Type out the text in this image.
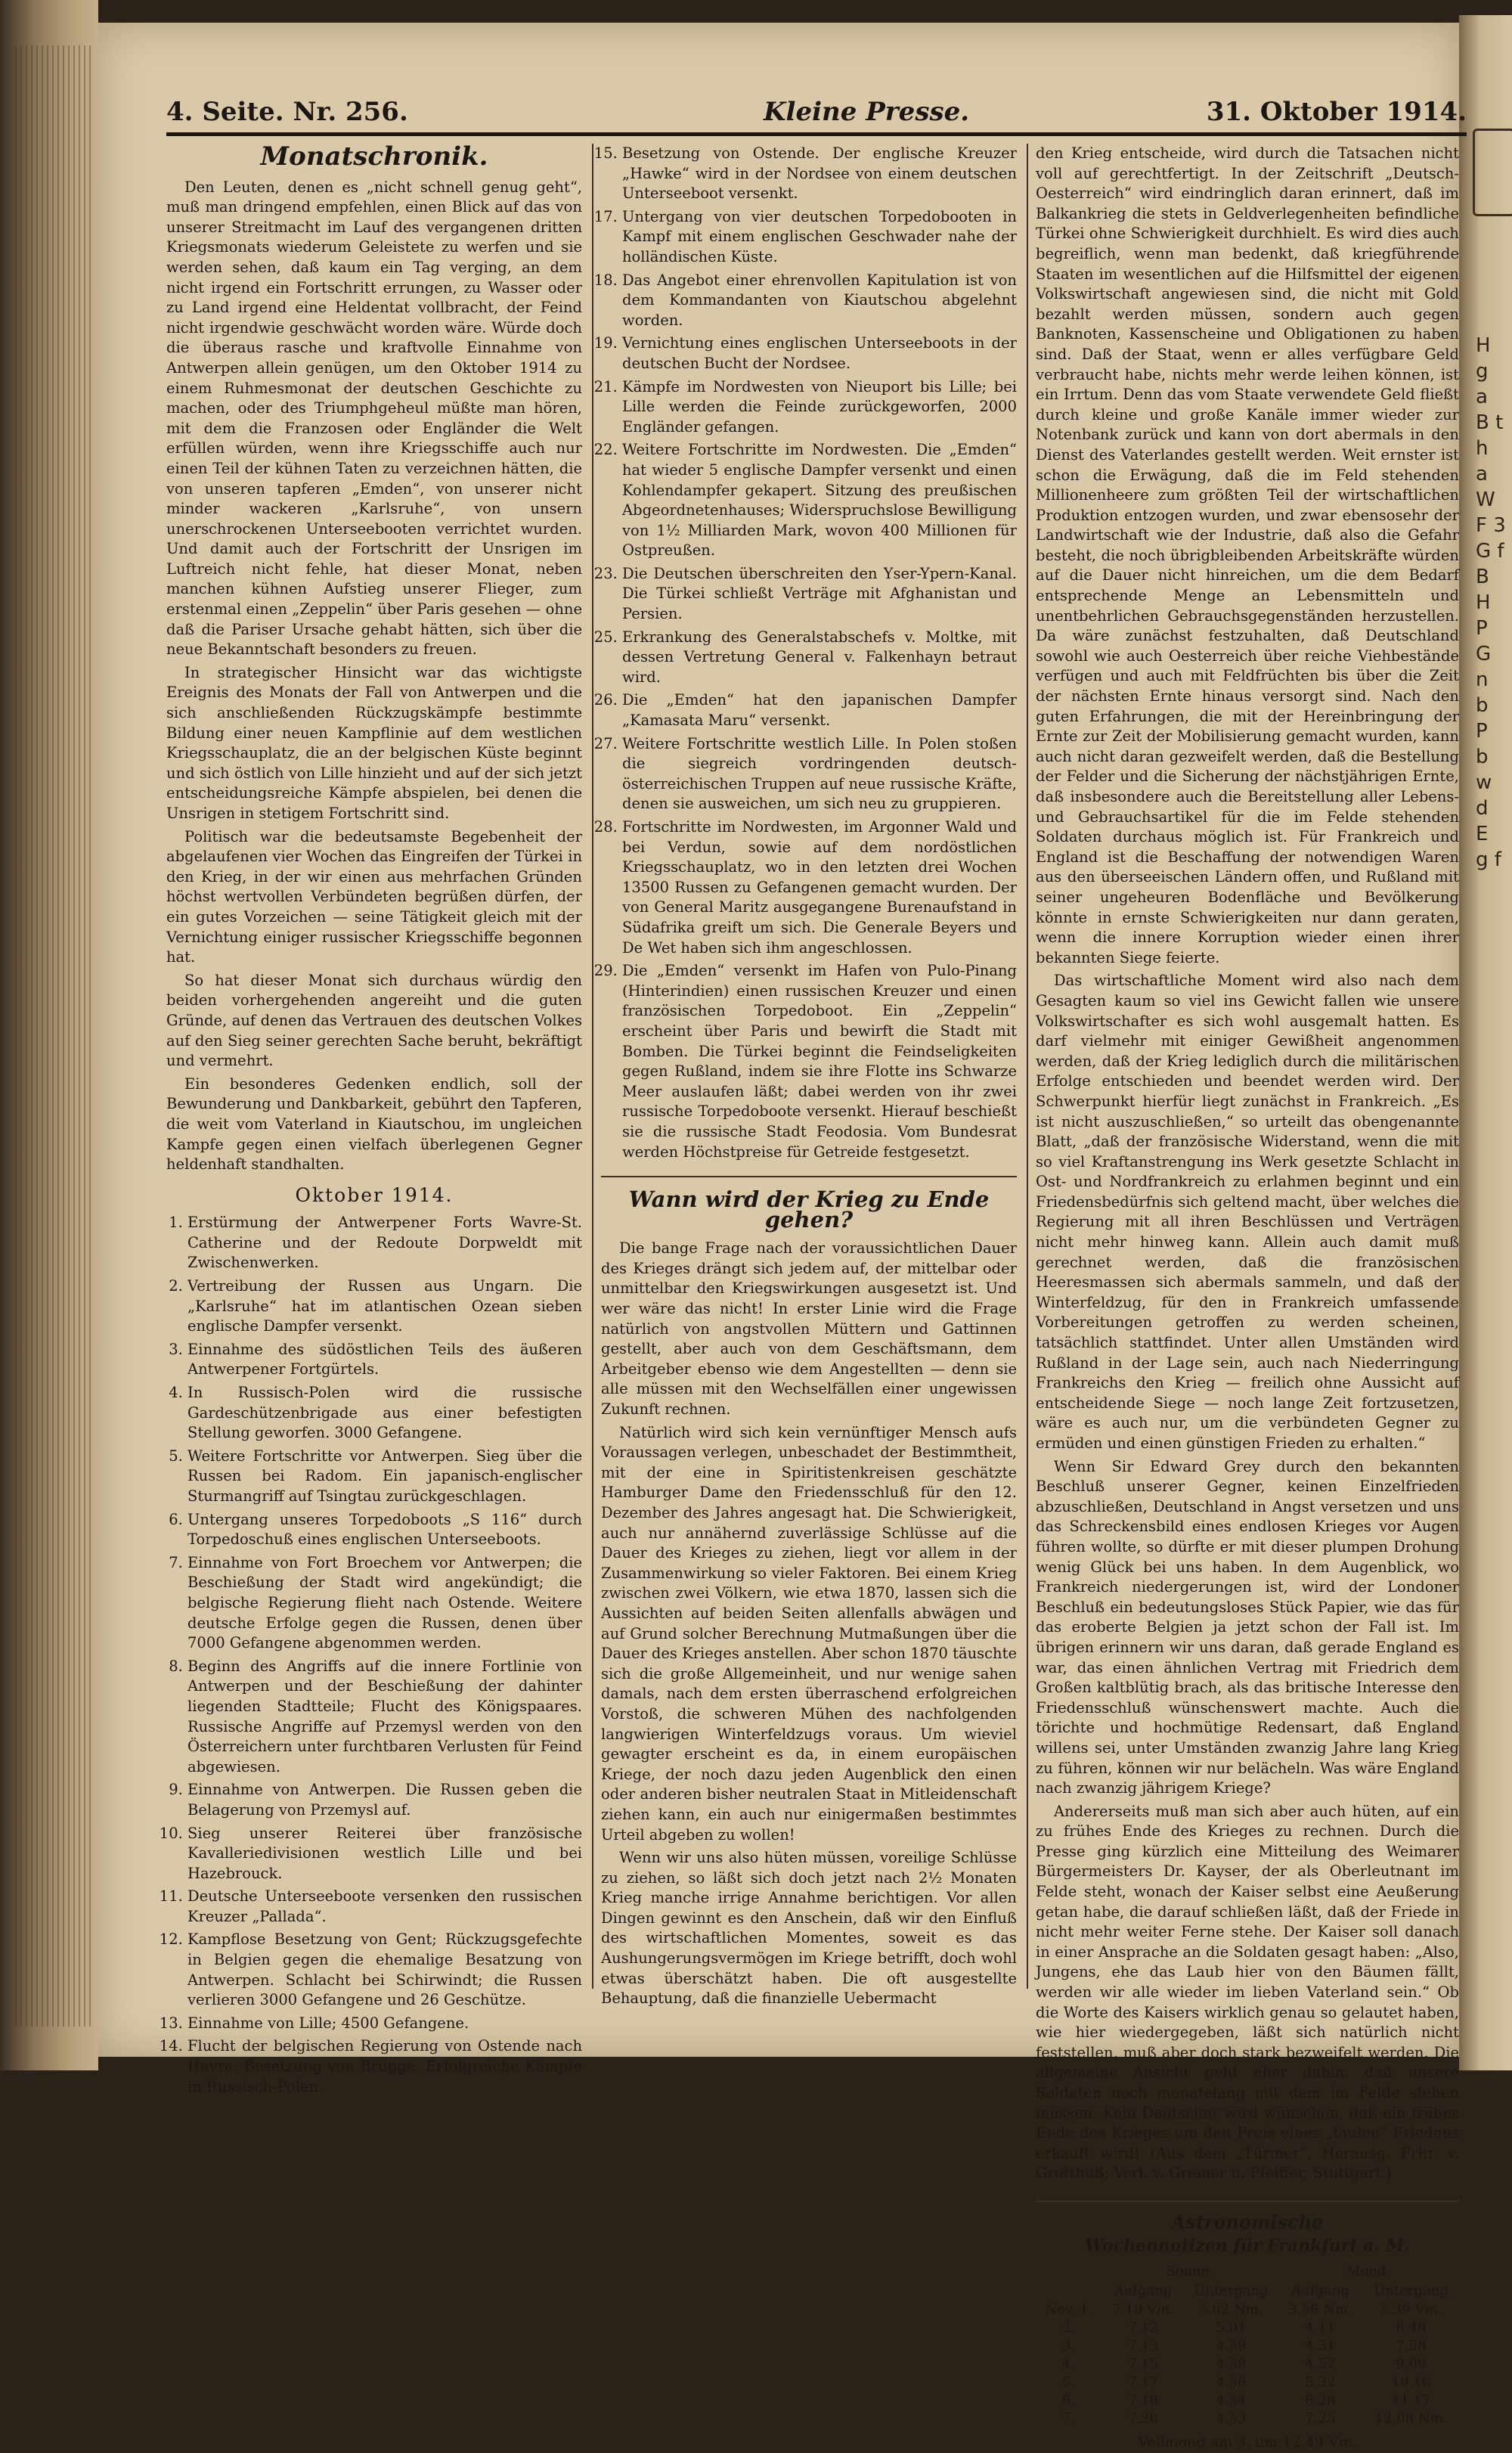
H g a B t h a W F 3 G f B H P G n b P b w d E g f
4. Seite. Nr. 256.	Kleine Presse.	31. Oktober 1914.
Monatschronik.

Den Leuten, denen es „nicht schnell genug geht“, muß man dringend empfehlen, einen Blick auf das von unserer Streitmacht im Lauf des vergangenen dritten Kriegsmonats wiederum Geleistete zu werfen und sie werden sehen, daß kaum ein Tag verging, an dem nicht irgend ein Fortschritt errungen, zu Wasser oder zu Land irgend eine Heldentat vollbracht, der Feind nicht irgendwie geschwächt worden wäre. Würde doch die überaus rasche und kraftvolle Einnahme von Antwerpen allein genügen, um den Oktober 1914 zu einem Ruhmesmonat der deutschen Geschichte zu machen, oder des Triumphgeheul müßte man hören, mit dem die Franzosen oder Engländer die Welt erfüllen würden, wenn ihre Kriegsschiffe auch nur einen Teil der kühnen Taten zu verzeichnen hätten, die von unseren tapferen „Emden“, von unserer nicht minder wackeren „Karlsruhe“, von unsern unerschrockenen Unterseebooten verrichtet wurden. Und damit auch der Fortschritt der Unsrigen im Luftreich nicht fehle, hat dieser Monat, neben manchen kühnen Aufstieg unserer Flieger, zum erstenmal einen „Zeppelin“ über Paris gesehen — ohne daß die Pariser Ursache gehabt hätten, sich über die neue Bekanntschaft besonders zu freuen.

In strategischer Hinsicht war das wichtigste Ereignis des Monats der Fall von Antwerpen und die sich anschließenden Rückzugskämpfe bestimmte Bildung einer neuen Kampflinie auf dem westlichen Kriegsschauplatz, die an der belgischen Küste beginnt und sich östlich von Lille hinzieht und auf der sich jetzt entscheidungsreiche Kämpfe abspielen, bei denen die Unsrigen in stetigem Fortschritt sind.

Politisch war die bedeutsamste Begebenheit der abgelaufenen vier Wochen das Eingreifen der Türkei in den Krieg, in der wir einen aus mehrfachen Gründen höchst wertvollen Verbündeten begrüßen dürfen, der ein gutes Vorzeichen — seine Tätigkeit gleich mit der Vernichtung einiger russischer Kriegsschiffe begonnen hat.

So hat dieser Monat sich durchaus würdig den beiden vorhergehenden angereiht und die guten Gründe, auf denen das Vertrauen des deutschen Volkes auf den Sieg seiner gerechten Sache beruht, bekräftigt und vermehrt.

Ein besonderes Gedenken endlich, soll der Bewunderung und Dankbarkeit, gebührt den Tapferen, die weit vom Vaterland in Kiautschou, im ungleichen Kampfe gegen einen vielfach überlegenen Gegner heldenhaft standhalten.

Oktober 1914.
1. Erstürmung der Antwerpener Forts Wavre-St. Catherine und der Redoute Dorpweldt mit Zwischenwerken.
2. Vertreibung der Russen aus Ungarn. Die „Karlsruhe“ hat im atlantischen Ozean sieben englische Dampfer versenkt.
3. Einnahme des südöstlichen Teils des äußeren Antwerpener Fortgürtels.
4. In Russisch-Polen wird die russische Gardeschützenbrigade aus einer befestigten Stellung geworfen. 3000 Gefangene.
5. Weitere Fortschritte vor Antwerpen. Sieg über die Russen bei Radom. Ein japanisch-englischer Sturmangriff auf Tsingtau zurückgeschlagen.
6. Untergang unseres Torpedoboots „S 116“ durch Torpedoschuß eines englischen Unterseeboots.
7. Einnahme von Fort Broechem vor Antwerpen; die Beschießung der Stadt wird angekündigt; die belgische Regierung flieht nach Ostende. Weitere deutsche Erfolge gegen die Russen, denen über 7000 Gefangene abgenommen werden.
8. Beginn des Angriffs auf die innere Fortlinie von Antwerpen und der Beschießung der dahinter liegenden Stadtteile; Flucht des Königspaares. Russische Angriffe auf Przemysl werden von den Österreichern unter furchtbaren Verlusten für Feind abgewiesen.
9. Einnahme von Antwerpen. Die Russen geben die Belagerung von Przemysl auf.
10. Sieg unserer Reiterei über französische Kavalleriedivisionen westlich Lille und bei Hazebrouck.
11. Deutsche Unterseeboote versenken den russischen Kreuzer „Pallada“.
12. Kampflose Besetzung von Gent; Rückzugsgefechte in Belgien gegen die ehemalige Besatzung von Antwerpen. Schlacht bei Schirwindt; die Russen verlieren 3000 Gefangene und 26 Geschütze.
13. Einnahme von Lille; 4500 Gefangene.
14. Flucht der belgischen Regierung von Ostende nach Havre; Besetzung von Brügge. Erfolgreiche Kämpfe in Russisch-Polen.
15. Besetzung von Ostende. Der englische Kreuzer „Hawke“ wird in der Nordsee von einem deutschen Unterseeboot versenkt.
17. Untergang von vier deutschen Torpedobooten in Kampf mit einem englischen Geschwader nahe der holländischen Küste.
18. Das Angebot einer ehrenvollen Kapitulation ist von dem Kommandanten von Kiautschou abgelehnt worden.
19. Vernichtung eines englischen Unterseeboots in der deutschen Bucht der Nordsee.
21. Kämpfe im Nordwesten von Nieuport bis Lille; bei Lille werden die Feinde zurückgeworfen, 2000 Engländer gefangen.
22. Weitere Fortschritte im Nordwesten. Die „Emden“ hat wieder 5 englische Dampfer versenkt und einen Kohlendampfer gekapert. Sitzung des preußischen Abgeordnetenhauses; Widerspruchslose Bewilligung von 1½ Milliarden Mark, wovon 400 Millionen für Ostpreußen.
23. Die Deutschen überschreiten den Yser-Ypern-Kanal. Die Türkei schließt Verträge mit Afghanistan und Persien.
25. Erkrankung des Generalstabschefs v. Moltke, mit dessen Vertretung General v. Falkenhayn betraut wird.
26. Die „Emden“ hat den japanischen Dampfer „Kamasata Maru“ versenkt.
27. Weitere Fortschritte westlich Lille. In Polen stoßen die siegreich vordringenden deutsch-österreichischen Truppen auf neue russische Kräfte, denen sie ausweichen, um sich neu zu gruppieren.
28. Fortschritte im Nordwesten, im Argonner Wald und bei Verdun, sowie auf dem nordöstlichen Kriegsschauplatz, wo in den letzten drei Wochen 13500 Russen zu Gefangenen gemacht wurden. Der von General Maritz ausgegangene Burenaufstand in Südafrika greift um sich. Die Generale Beyers und De Wet haben sich ihm angeschlossen.
29. Die „Emden“ versenkt im Hafen von Pulo-Pinang (Hinterindien) einen russischen Kreuzer und einen französischen Torpedoboot. Ein „Zeppelin“ erscheint über Paris und bewirft die Stadt mit Bomben. Die Türkei beginnt die Feindseligkeiten gegen Rußland, indem sie ihre Flotte ins Schwarze Meer auslaufen läßt; dabei werden von ihr zwei russische Torpedoboote versenkt. Hierauf beschießt sie die russische Stadt Feodosia. Vom Bundesrat werden Höchstpreise für Getreide festgesetzt.
Wann wird der Krieg zu Ende gehen?

Die bange Frage nach der voraussichtlichen Dauer des Krieges drängt sich jedem auf, der mittelbar oder unmittelbar den Kriegswirkungen ausgesetzt ist. Und wer wäre das nicht! In erster Linie wird die Frage natürlich von angstvollen Müttern und Gattinnen gestellt, aber auch von dem Geschäftsmann, dem Arbeitgeber ebenso wie dem Angestellten — denn sie alle müssen mit den Wechselfällen einer ungewissen Zukunft rechnen.

Natürlich wird sich kein vernünftiger Mensch aufs Voraussagen verlegen, unbeschadet der Bestimmtheit, mit der eine in Spiritistenkreisen geschätzte Hamburger Dame den Friedensschluß für den 12. Dezember des Jahres angesagt hat. Die Schwierigkeit, auch nur annähernd zuverlässige Schlüsse auf die Dauer des Krieges zu ziehen, liegt vor allem in der Zusammenwirkung so vieler Faktoren. Bei einem Krieg zwischen zwei Völkern, wie etwa 1870, lassen sich die Aussichten auf beiden Seiten allenfalls abwägen und auf Grund solcher Berechnung Mutmaßungen über die Dauer des Krieges anstellen. Aber schon 1870 täuschte sich die große Allgemeinheit, und nur wenige sahen damals, nach dem ersten überraschend erfolgreichen Vorstoß, die schweren Mühen des nachfolgenden langwierigen Winterfeldzugs voraus. Um wieviel gewagter erscheint es da, in einem europäischen Kriege, der noch dazu jeden Augenblick den einen oder anderen bisher neutralen Staat in Mitleidenschaft ziehen kann, ein auch nur einigermaßen bestimmtes Urteil abgeben zu wollen!

Wenn wir uns also hüten müssen, voreilige Schlüsse zu ziehen, so läßt sich doch jetzt nach 2½ Monaten Krieg manche irrige Annahme berichtigen. Vor allen Dingen gewinnt es den Anschein, daß wir den Einfluß des wirtschaftlichen Momentes, soweit es das Aushungerungsvermögen im Kriege betrifft, doch wohl etwas überschätzt haben. Die oft ausgestellte Behauptung, daß die finanzielle Uebermacht

den Krieg entscheide, wird durch die Tatsachen nicht voll auf gerechtfertigt. In der Zeitschrift „Deutsch-Oesterreich“ wird eindringlich daran erinnert, daß im Balkankrieg die stets in Geldverlegenheiten befindliche Türkei ohne Schwierigkeit durchhielt. Es wird dies auch begreiflich, wenn man bedenkt, daß kriegführende Staaten im wesentlichen auf die Hilfsmittel der eigenen Volkswirtschaft angewiesen sind, die nicht mit Gold bezahlt werden müssen, sondern auch gegen Banknoten, Kassenscheine und Obligationen zu haben sind. Daß der Staat, wenn er alles verfügbare Geld verbraucht habe, nichts mehr werde leihen können, ist ein Irrtum. Denn das vom Staate verwendete Geld fließt durch kleine und große Kanäle immer wieder zur Notenbank zurück und kann von dort abermals in den Dienst des Vaterlandes gestellt werden. Weit ernster ist schon die Erwägung, daß die im Feld stehenden Millionenheere zum größten Teil der wirtschaftlichen Produktion entzogen wurden, und zwar ebensosehr der Landwirtschaft wie der Industrie, daß also die Gefahr besteht, die noch übrigbleibenden Arbeitskräfte würden auf die Dauer nicht hinreichen, um die dem Bedarf entsprechende Menge an Lebensmitteln und unentbehrlichen Gebrauchsgegenständen herzustellen. Da wäre zunächst festzuhalten, daß Deutschland sowohl wie auch Oesterreich über reiche Viehbestände verfügen und auch mit Feldfrüchten bis über die Zeit der nächsten Ernte hinaus versorgt sind. Nach den guten Erfahrungen, die mit der Hereinbringung der Ernte zur Zeit der Mobilisierung gemacht wurden, kann auch nicht daran gezweifelt werden, daß die Bestellung der Felder und die Sicherung der nächstjährigen Ernte, daß insbesondere auch die Bereitstellung aller Lebens- und Gebrauchsartikel für die im Felde stehenden Soldaten durchaus möglich ist. Für Frankreich und England ist die Beschaffung der notwendigen Waren aus den überseeischen Ländern offen, und Rußland mit seiner ungeheuren Bodenfläche und Bevölkerung könnte in ernste Schwierigkeiten nur dann geraten, wenn die innere Korruption wieder einen ihrer bekannten Siege feierte.

Das wirtschaftliche Moment wird also nach dem Gesagten kaum so viel ins Gewicht fallen wie unsere Volkswirtschafter es sich wohl ausgemalt hatten. Es darf vielmehr mit einiger Gewißheit angenommen werden, daß der Krieg lediglich durch die militärischen Erfolge entschieden und beendet werden wird. Der Schwerpunkt hierfür liegt zunächst in Frankreich. „Es ist nicht auszuschließen,“ so urteilt das obengenannte Blatt, „daß der französische Widerstand, wenn die mit so viel Kraftanstrengung ins Werk gesetzte Schlacht in Ost- und Nordfrankreich zu erlahmen beginnt und ein Friedensbedürfnis sich geltend macht, über welches die Regierung mit all ihren Beschlüssen und Verträgen nicht mehr hinweg kann. Allein auch damit muß gerechnet werden, daß die französischen Heeresmassen sich abermals sammeln, und daß der Winterfeldzug, für den in Frankreich umfassende Vorbereitungen getroffen zu werden scheinen, tatsächlich stattfindet. Unter allen Umständen wird Rußland in der Lage sein, auch nach Niederringung Frankreichs den Krieg — freilich ohne Aussicht auf entscheidende Siege — noch lange Zeit fortzusetzen, wäre es auch nur, um die verbündeten Gegner zu ermüden und einen günstigen Frieden zu erhalten.“

Wenn Sir Edward Grey durch den bekannten Beschluß unserer Gegner, keinen Einzelfrieden abzuschließen, Deutschland in Angst versetzen und uns das Schreckensbild eines endlosen Krieges vor Augen führen wollte, so dürfte er mit dieser plumpen Drohung wenig Glück bei uns haben. In dem Augenblick, wo Frankreich niedergerungen ist, wird der Londoner Beschluß ein bedeutungsloses Stück Papier, wie das für das eroberte Belgien ja jetzt schon der Fall ist. Im übrigen erinnern wir uns daran, daß gerade England es war, das einen ähnlichen Vertrag mit Friedrich dem Großen kaltblütig brach, als das britische Interesse den Friedensschluß wünschenswert machte. Auch die törichte und hochmütige Redensart, daß England willens sei, unter Umständen zwanzig Jahre lang Krieg zu führen, können wir nur belächeln. Was wäre England nach zwanzig jährigem Kriege?

Andererseits muß man sich aber auch hüten, auf ein zu frühes Ende des Krieges zu rechnen. Durch die Presse ging kürzlich eine Mitteilung des Weimarer Bürgermeisters Dr. Kayser, der als Oberleutnant im Felde steht, wonach der Kaiser selbst eine Aeußerung getan habe, die darauf schließen läßt, daß der Friede in nicht mehr weiter Ferne stehe. Der Kaiser soll danach in einer Ansprache an die Soldaten gesagt haben: „Also, Jungens, ehe das Laub hier von den Bäumen fällt, werden wir alle wieder im lieben Vaterland sein.“ Ob die Worte des Kaisers wirklich genau so gelautet haben, wie hier wiedergegeben, läßt sich natürlich nicht feststellen, muß aber doch stark bezweifelt werden. Die allgemeine Ansicht geht eher dahin, daß unsere Soldaten noch monatelang mit dem im Felde stehen müssen. Kein Deutscher wird wünschen, daß ein frühes Ende des Krieges um den Preis eines „faulen“ Friedens erkauft wird! (Aus dem „Türmer“, Herausg. Frhr. v. Grotthuß; Verl. v. Greiner u. Pfeiffer, Stuttgart.)

Astronomische
Wochennotizen für Frankfurt a. M.
	Sonne.		Mond.	
	Aufgang	Untergang	Aufgang	Untergang
Nov. 1.	7.10 Vm.	5.02 Nm.	3.56 Nm.	5.39 Vm.
2.	7.12	5.01	4.11	6.48
3.	7.13	4.59	4.31	7.58
4.	7.15	4.58	4.57	9.09
5.	7.17	4.56	5.32	10.16
6.	7.18	4.54	6.28	11.17
7.	7.20	4.53	7.25	12.08 Nm.
Vollmond am 3. um 12.49 Vm.
